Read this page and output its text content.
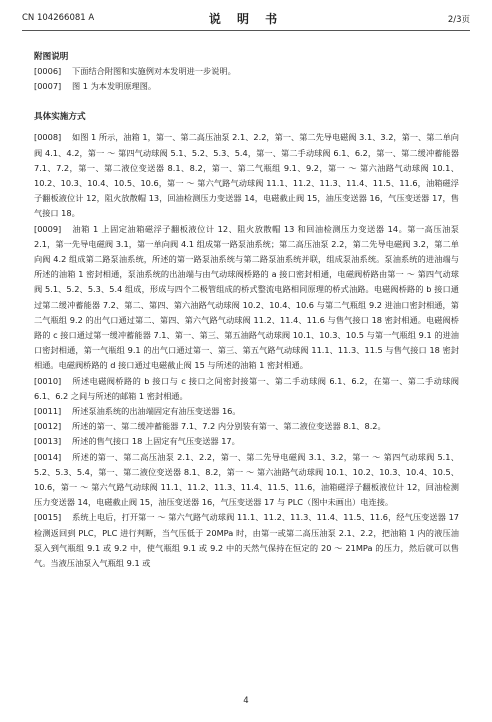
CN 104266081 A	说 明 书	2/3页
附图说明

[0006] 下面结合附图和实施例对本发明进一步说明。

[0007] 图 1 为本发明原理图。

具体实施方式

[0008] 如图 1 所示，油箱 1，第一、第二高压油泵 2.1、2.2，第一、第二先导电磁阀 3.1、3.2，第一、第二单向阀 4.1、4.2，第一 ～ 第四气动球阀 5.1、5.2、5.3、5.4，第一、第二手动球阀 6.1、6.2，第一、第二缓冲蓄能器 7.1、7.2，第一、第二液位变送器 8.1、8.2，第一、第二气瓶组 9.1、9.2，第一 ～ 第六油路气动球阀 10.1、10.2、10.3、10.4、10.5、10.6，第一 ～ 第六气路气动球阀 11.1、11.2、11.3、11.4、11.5、11.6，油箱磁浮子翻板液位计 12，阻火放散帽 13，回油检测压力变送器 14，电磁截止阀 15，油压变送器 16，气压变送器 17，售气接口 18。

[0009] 油箱 1 上固定油箱磁浮子翻板液位计 12、阻火放散帽 13 和回油检测压力变送器 14。第一高压油泵 2.1，第一先导电磁阀 3.1，第一单向阀 4.1 组成第一路泵油系统；第二高压油泵 2.2，第二先导电磁阀 3.2，第二单向阀 4.2 组成第二路泵油系统，所述的第一路泵油系统与第二路泵油系统并联，组成泵油系统。泵油系统的进油端与所述的油箱 1 密封相通，泵油系统的出油端与由气动球阀桥路的 a 接口密封相通，电磁阀桥路由第一 ～ 第四气动球阀 5.1、5.2、5.3、5.4 组成，形成与四个二极管组成的桥式整流电路相同原理的桥式油路。电磁阀桥路的 b 接口通过第二缓冲蓄能器 7.2、第二、第四、第六油路气动球阀 10.2、10.4、10.6 与第二气瓶组 9.2 进油口密封相通，第二气瓶组 9.2 的出气口通过第二、第四、第六气路气动球阀 11.2、11.4、11.6 与售气接口 18 密封相通。电磁阀桥路的 c 接口通过第一缓冲蓄能器 7.1、第一、第三、第五油路气动球阀 10.1、10.3、10.5 与第一气瓶组 9.1 的进油口密封相通，第一气瓶组 9.1 的出气口通过第一、第三、第五气路气动球阀 11.1、11.3、11.5 与售气接口 18 密封相通。电磁阀桥路的 d 接口通过电磁截止阀 15 与所述的油箱 1 密封相通。

[0010] 所述电磁阀桥路的 b 接口与 c 接口之间密封接第一、第二手动球阀 6.1、6.2，在第一、第二手动球阀 6.1、6.2 之间与所述的邮箱 1 密封相通。

[0011] 所述泵油系统的出油端固定有油压变送器 16。

[0012] 所述的第一、第二缓冲蓄能器 7.1、7.2 内分别装有第一、第二液位变送器 8.1、8.2。

[0013] 所述的售气接口 18 上固定有气压变送器 17。

[0014] 所述的第一、第二高压油泵 2.1、2.2，第一、第二先导电磁阀 3.1、3.2，第一 ～ 第四气动球阀 5.1、5.2、5.3、5.4，第一、第二液位变送器 8.1、8.2，第一 ～ 第六油路气动球阀 10.1、10.2、10.3、10.4、10.5、10.6，第一 ～ 第六气路气动球阀 11.1、11.2、11.3、11.4、11.5、11.6，油箱磁浮子翻板液位计 12，回油检测压力变送器 14，电磁截止阀 15，油压变送器 16，气压变送器 17 与 PLC（图中未画出）电连接。

[0015] 系统上电后，打开第一 ～ 第六气路气动球阀 11.1、11.2、11.3、11.4、11.5、11.6，经气压变送器 17 检测返回到 PLC，PLC 进行判断，当气压低于 20MPa 时，由第一或第二高压油泵 2.1、2.2，把油箱 1 内的液压油泵入到气瓶组 9.1 或 9.2 中，使气瓶组 9.1 或 9.2 中的天然气保持在恒定的 20 ～ 21MPa 的压力，然后就可以售气。当液压油泵入气瓶组 9.1 或

4
